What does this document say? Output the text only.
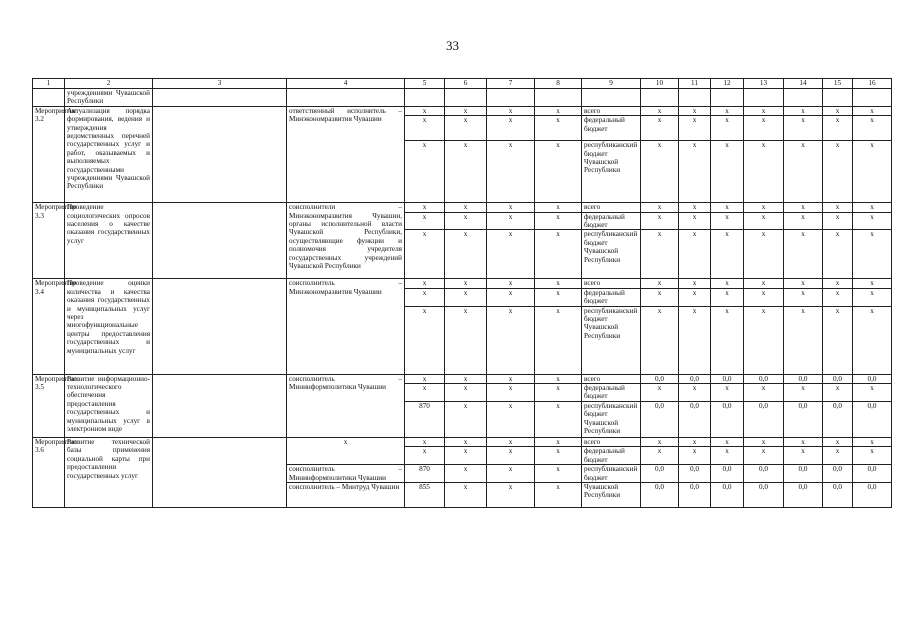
33
1	2	3	4	5	6	7	8	9	10	11	12	13	14	15	16
	учреждениями Чувашской Республики														
Мероприятие 3.2	Актуализация порядка формирования, ведения и утверждения ведомственных перечней государственных услуг и работ, оказываемых и выполняемых государственными учреждениями Чувашской Республики		ответственный исполнитель – Минэкономразвития Чувашии	x	x	x	x	всего	x	x	x	x	x	x	x
				x	x	x	x	федеральный бюджет	x	x	x	x	x	x	x
				x	x	x	x	республиканский бюджет Чувашской Республики	x	x	x	x	x	x	x
Мероприятие 3.3	Проведение социологических опросов населения о качестве оказания государственных услуг		соисполнители – Минэкономразвития Чувашии, органы исполнительной власти Чувашской Республики, осуществляющие функции и полномочия учредителя государственных учреждений Чувашской Республики	x	x	x	x	всего	x	x	x	x	x	x	x
				x	x	x	x	федеральный бюджет	x	x	x	x	x	x	x
				x	x	x	x	республиканский бюджет Чувашской Республики	x	x	x	x	x	x	x
Мероприятие 3.4	Проведение оценки количества и качества оказания государственных и муниципальных услуг через многофункциональные центры предоставления государственных и муниципальных услуг		соисполнитель – Минэкономразвития Чувашии	x	x	x	x	всего	x	x	x	x	x	x	x
				x	x	x	x	федеральный бюджет	x	x	x	x	x	x	x
				x	x	x	x	республиканский бюджет Чувашской Республики	x	x	x	x	x	x	x
Мероприятие 3.5	Развитие информационно-технологического обеспечения предоставления государственных и муниципальных услуг в электронном виде		соисполнитель – Мининформполитики Чувашии	x	x	x	x	всего	0,0	0,0	0,0	0,0	0,0	0,0	0,0
				x	x	x	x	федеральный бюджет	x	x	x	x	x	x	x
				870	x	x	x	республиканский бюджет Чувашской Республики	0,0	0,0	0,0	0,0	0,0	0,0	0,0
Мероприятие 3.6	Развитие технической базы применения социальной карты при предоставлении государственных услуг		x	x	x	x	x	всего	x	x	x	x	x	x	x
				x	x	x	x	федеральный бюджет	x	x	x	x	x	x	x
			соисполнитель – Мининформполитики Чувашии	870	x	x	x	республиканский бюджет	0,0	0,0	0,0	0,0	0,0	0,0	0,0
			соисполнитель – Минтруд Чувашии	855	x	x	x	Чувашской Республики	0,0	0,0	0,0	0,0	0,0	0,0	0,0
